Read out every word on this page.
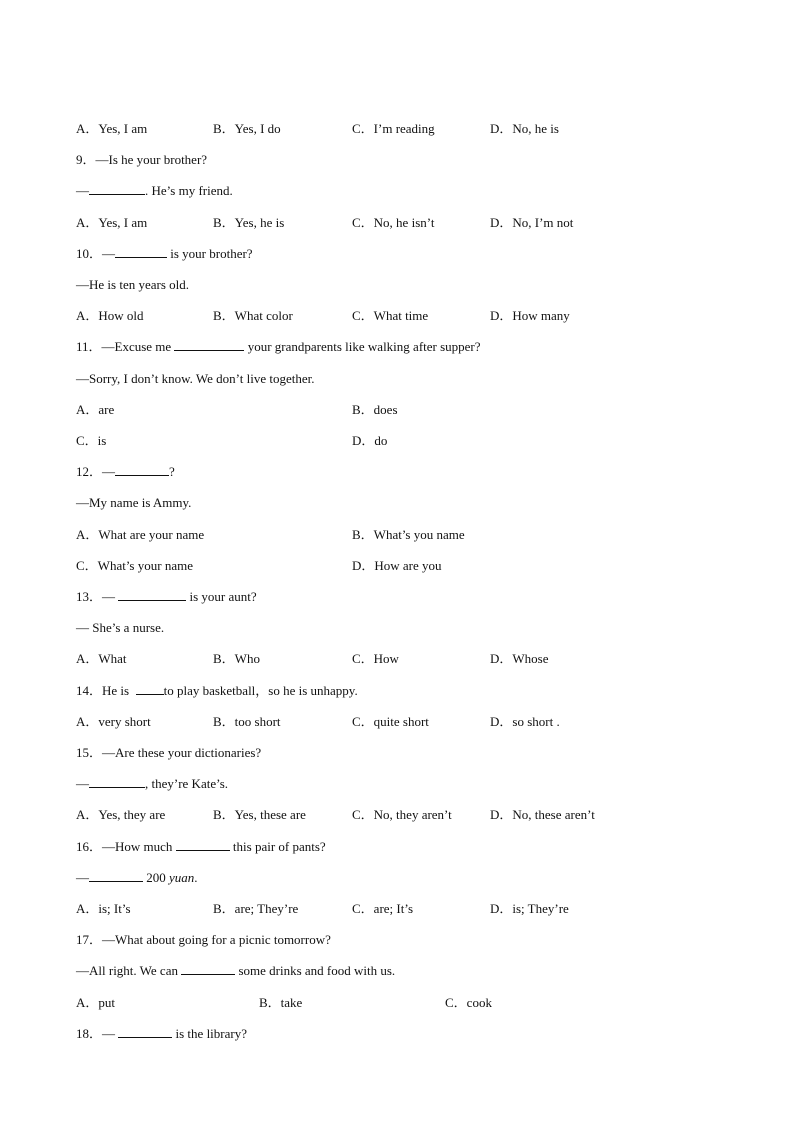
A．Yes, I am	B．Yes, I do	C．I’m reading	D．No, he is
9．—Is he your brother?
—	. He’s my friend.
A．Yes, I am	B．Yes, he is	C．No, he isn’t	D．No, I’m not
10．—	is your brother?
—He is ten years old.
A．How old	B．What color	C．What time	D．How many
11．—Excuse me	your grandparents like walking after supper?
—Sorry, I don’t know. We don’t live together.
A．are	B．does
C．is	D．do
12．—	?
—My name is Ammy.
A．What are your name	B．What’s you name
C．What’s your name	D．How are you
13．—	is your aunt?
— She’s a nurse.
A．What	B．Who	C．How	D．Whose
14．He is  to play basketball，so he is unhappy.
A．very short	B．too short	C．quite short	D．so short .
15．—Are these your dictionaries?
—	, they’re Kate’s.
A．Yes, they are	B．Yes, these are	C．No, they aren’t	D．No, these aren’t
16．—How much	this pair of pants?
—	200 yuan.
A．is; It’s	B．are; They’re	C．are; It’s	D．is; They’re
17．—What about going for a picnic tomorrow?
—All right. We can	some drinks and food with us.
A．put	B．take	C．cook
18．—	is the library?
